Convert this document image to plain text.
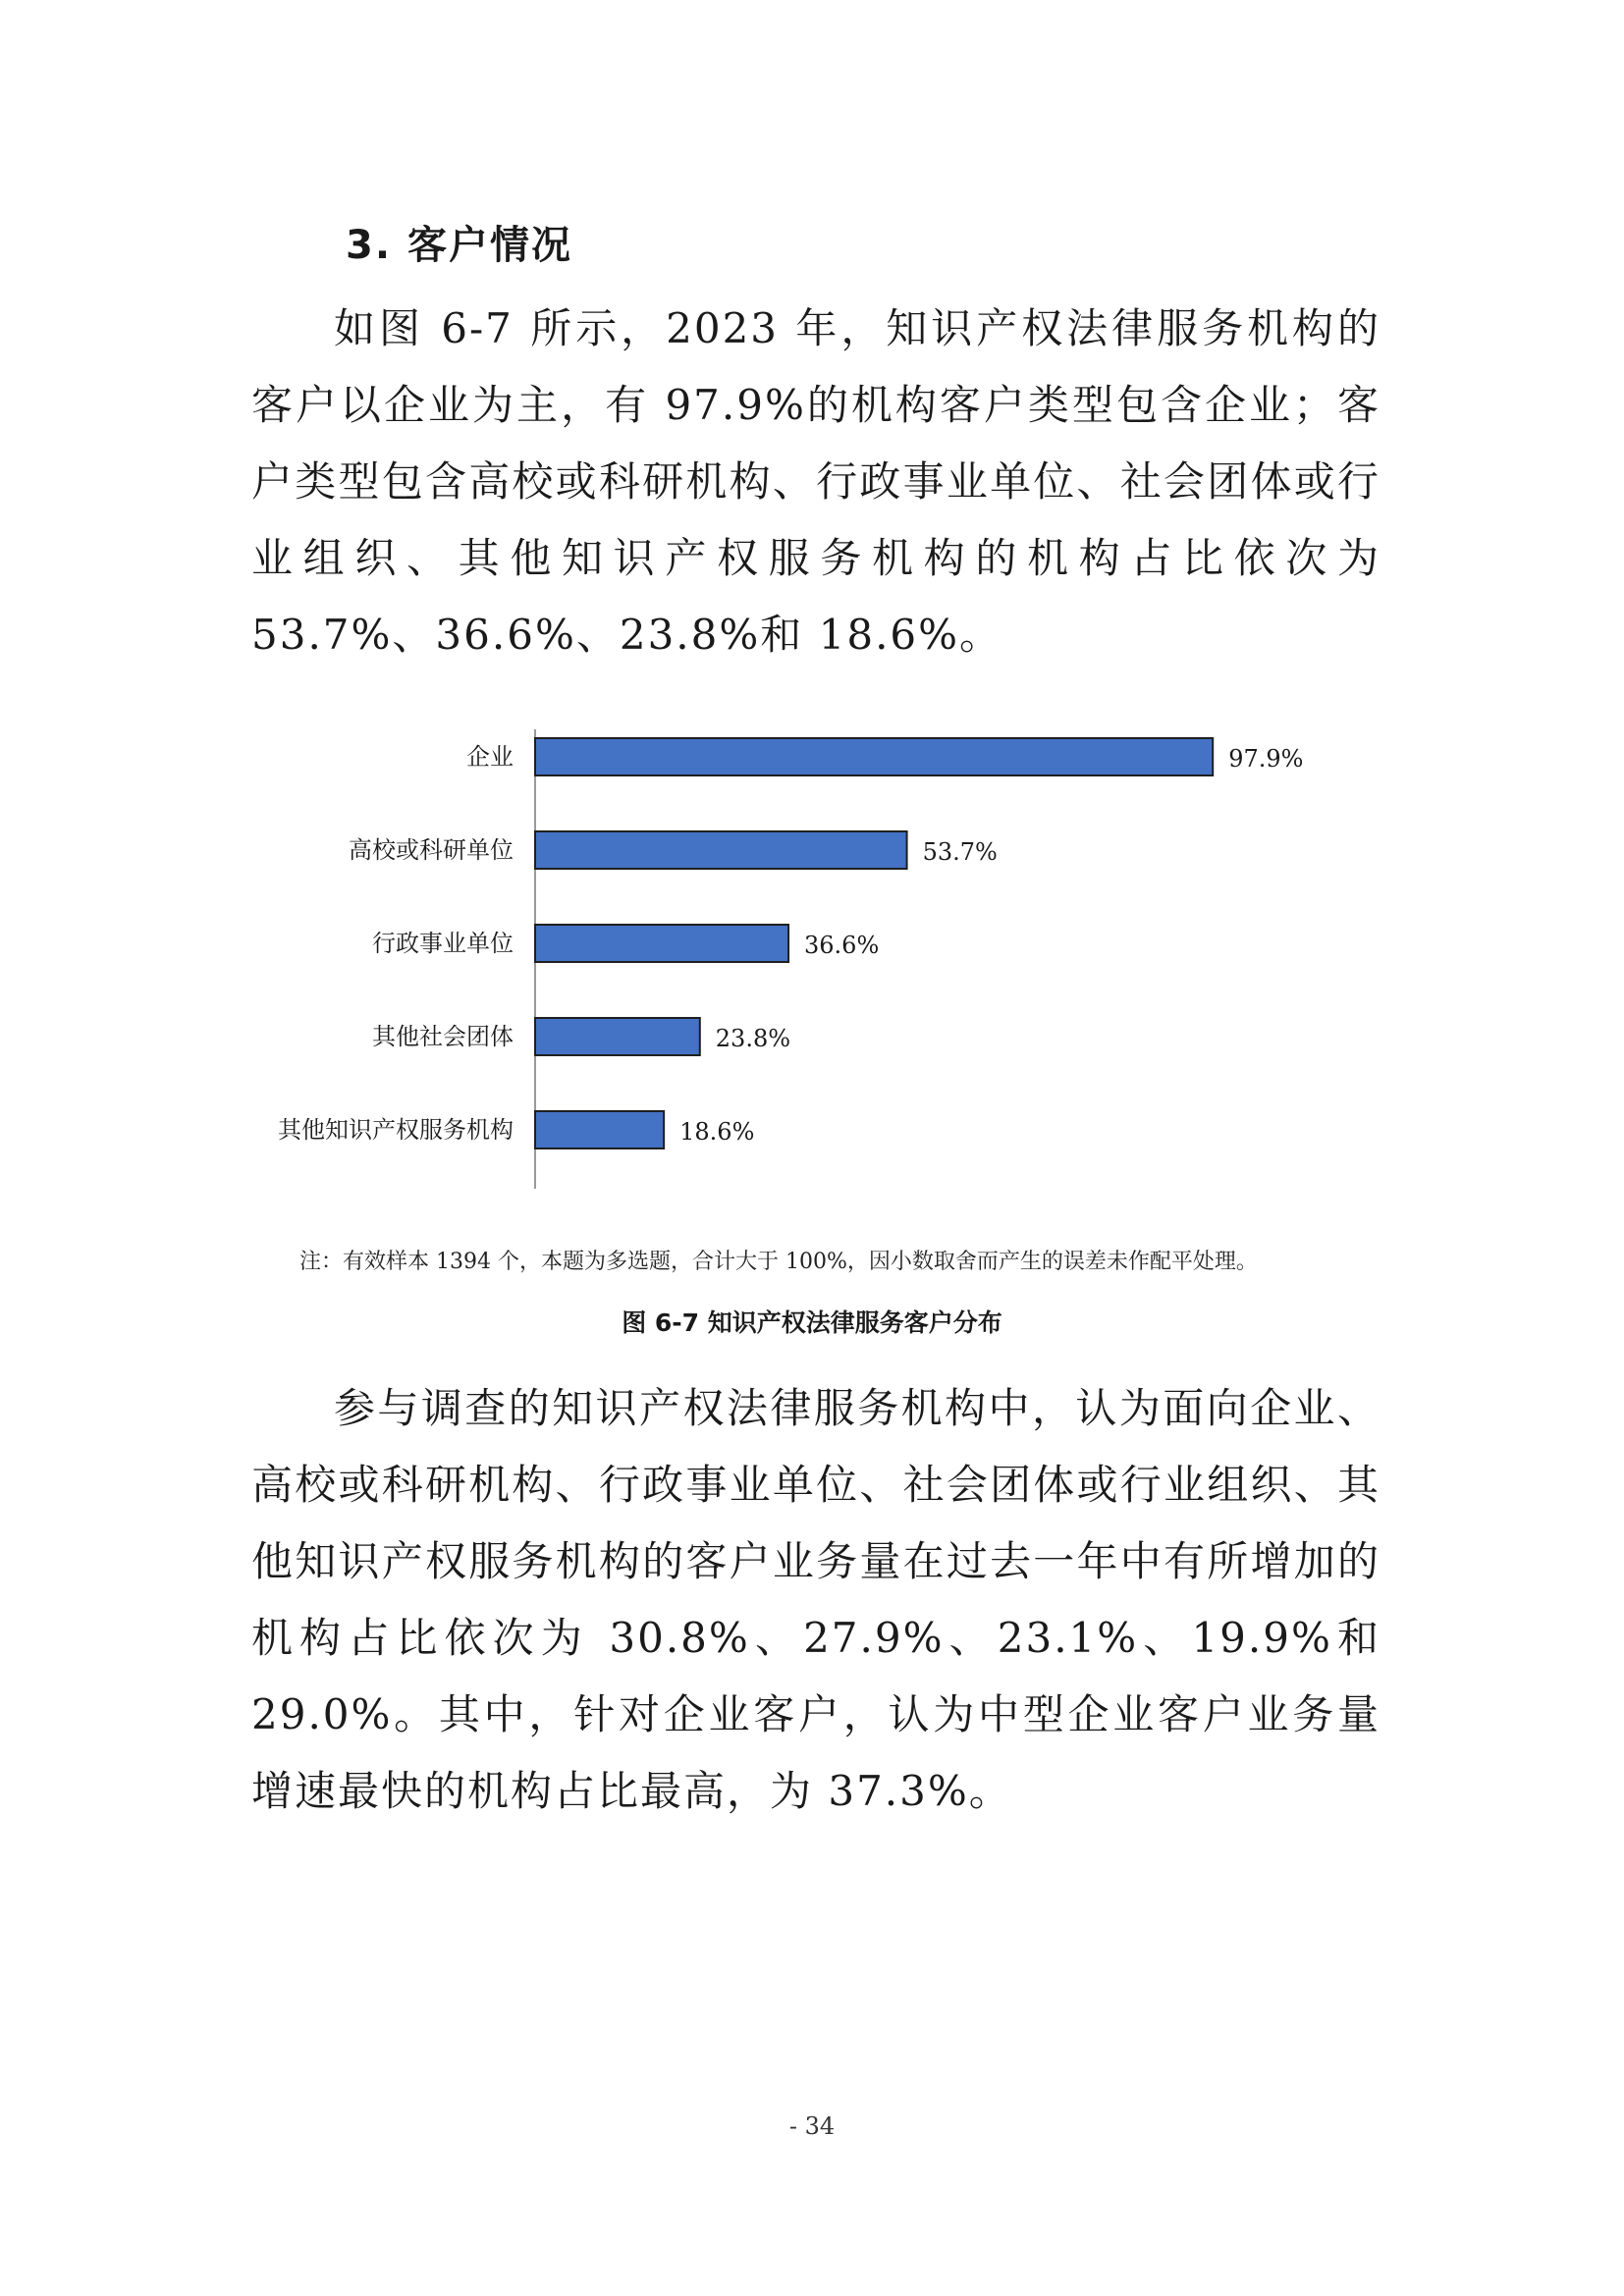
3. 客户情况
如图 6-7 所示，2023 年，知识产权法律服务机构的客户以企业为主，有 97.9%的机构客户类型包含企业；客户类型包含高校或科研机构、行政事业单位、社会团体或行业组织、其他知识产权服务机构的机构占比依次为 53.7%、36.6%、23.8%和 18.6%。
企业	97.9%
高校或科研单位	53.7%
行政事业单位	36.6%
其他社会团体	23.8%
其他知识产权服务机构	18.6%
注：有效样本 1394 个，本题为多选题，合计大于 100%，因小数取舍而产生的误差未作配平处理。
图 6-7 知识产权法律服务客户分布
参与调查的知识产权法律服务机构中，认为面向企业、高校或科研机构、行政事业单位、社会团体或行业组织、其他知识产权服务机构的客户业务量在过去一年中有所增加的机构占比依次为 30.8%、27.9%、23.1%、19.9%和 29.0%。其中，针对企业客户，认为中型企业客户业务量增速最快的机构占比最高，为 37.3%。
- 34
